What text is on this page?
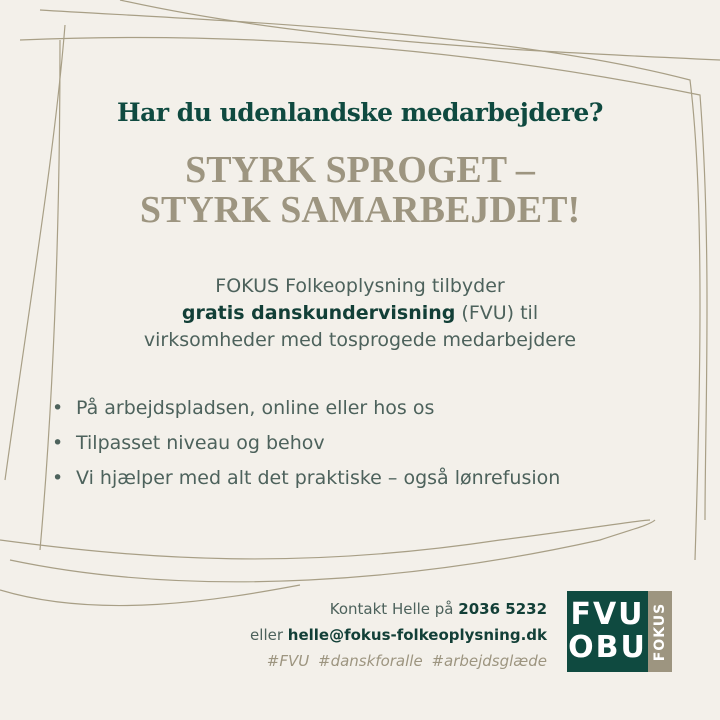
Har du udenlandske medarbejdere?
STYRK SPROGET –
STYRK SAMARBEJDET!
FOKUS Folkeoplysning tilbyder
gratis danskundervisning (FVU) til
virksomheder med tosprogede medarbejdere
• På arbejdspladsen, online eller hos os
• Tilpasset niveau og behov
• Vi hjælper med alt det praktiske – også lønrefusion
Kontakt Helle på 2036 5232
eller helle@fokus-folkeoplysning.dk
#FVU #danskforalle #arbejdsglæde
FVU
OBU FOKUS
